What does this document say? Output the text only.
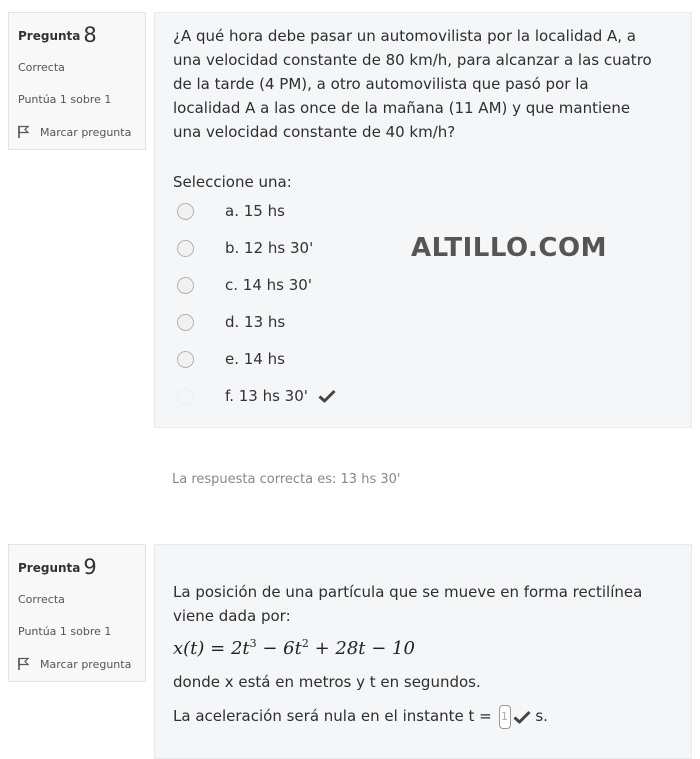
Pregunta 8
Correcta
Puntúa 1 sobre 1
Marcar pregunta
¿A qué hora debe pasar un automovilista por la localidad A, a
una velocidad constante de 80 km/h, para alcanzar a las cuatro
de la tarde (4 PM), a otro automovilista que pasó por la
localidad A a las once de la mañana (11 AM) y que mantiene
una velocidad constante de 40 km/h?
Seleccione una:
a. 15 hs
b. 12 hs 30'
c. 14 hs 30'
d. 13 hs
e. 14 hs
f. 13 hs 30'
ALTILLO.COM
La respuesta correcta es: 13 hs 30'
Pregunta 9
Correcta
Puntúa 1 sobre 1
Marcar pregunta
La posición de una partícula que se mueve en forma rectilínea
viene dada por:
$x(t) = 2t^3 - 6t^2 + 28t - 10$
donde x está en metros y t en segundos.
La aceleración será nula en el instante t = 1 s.
